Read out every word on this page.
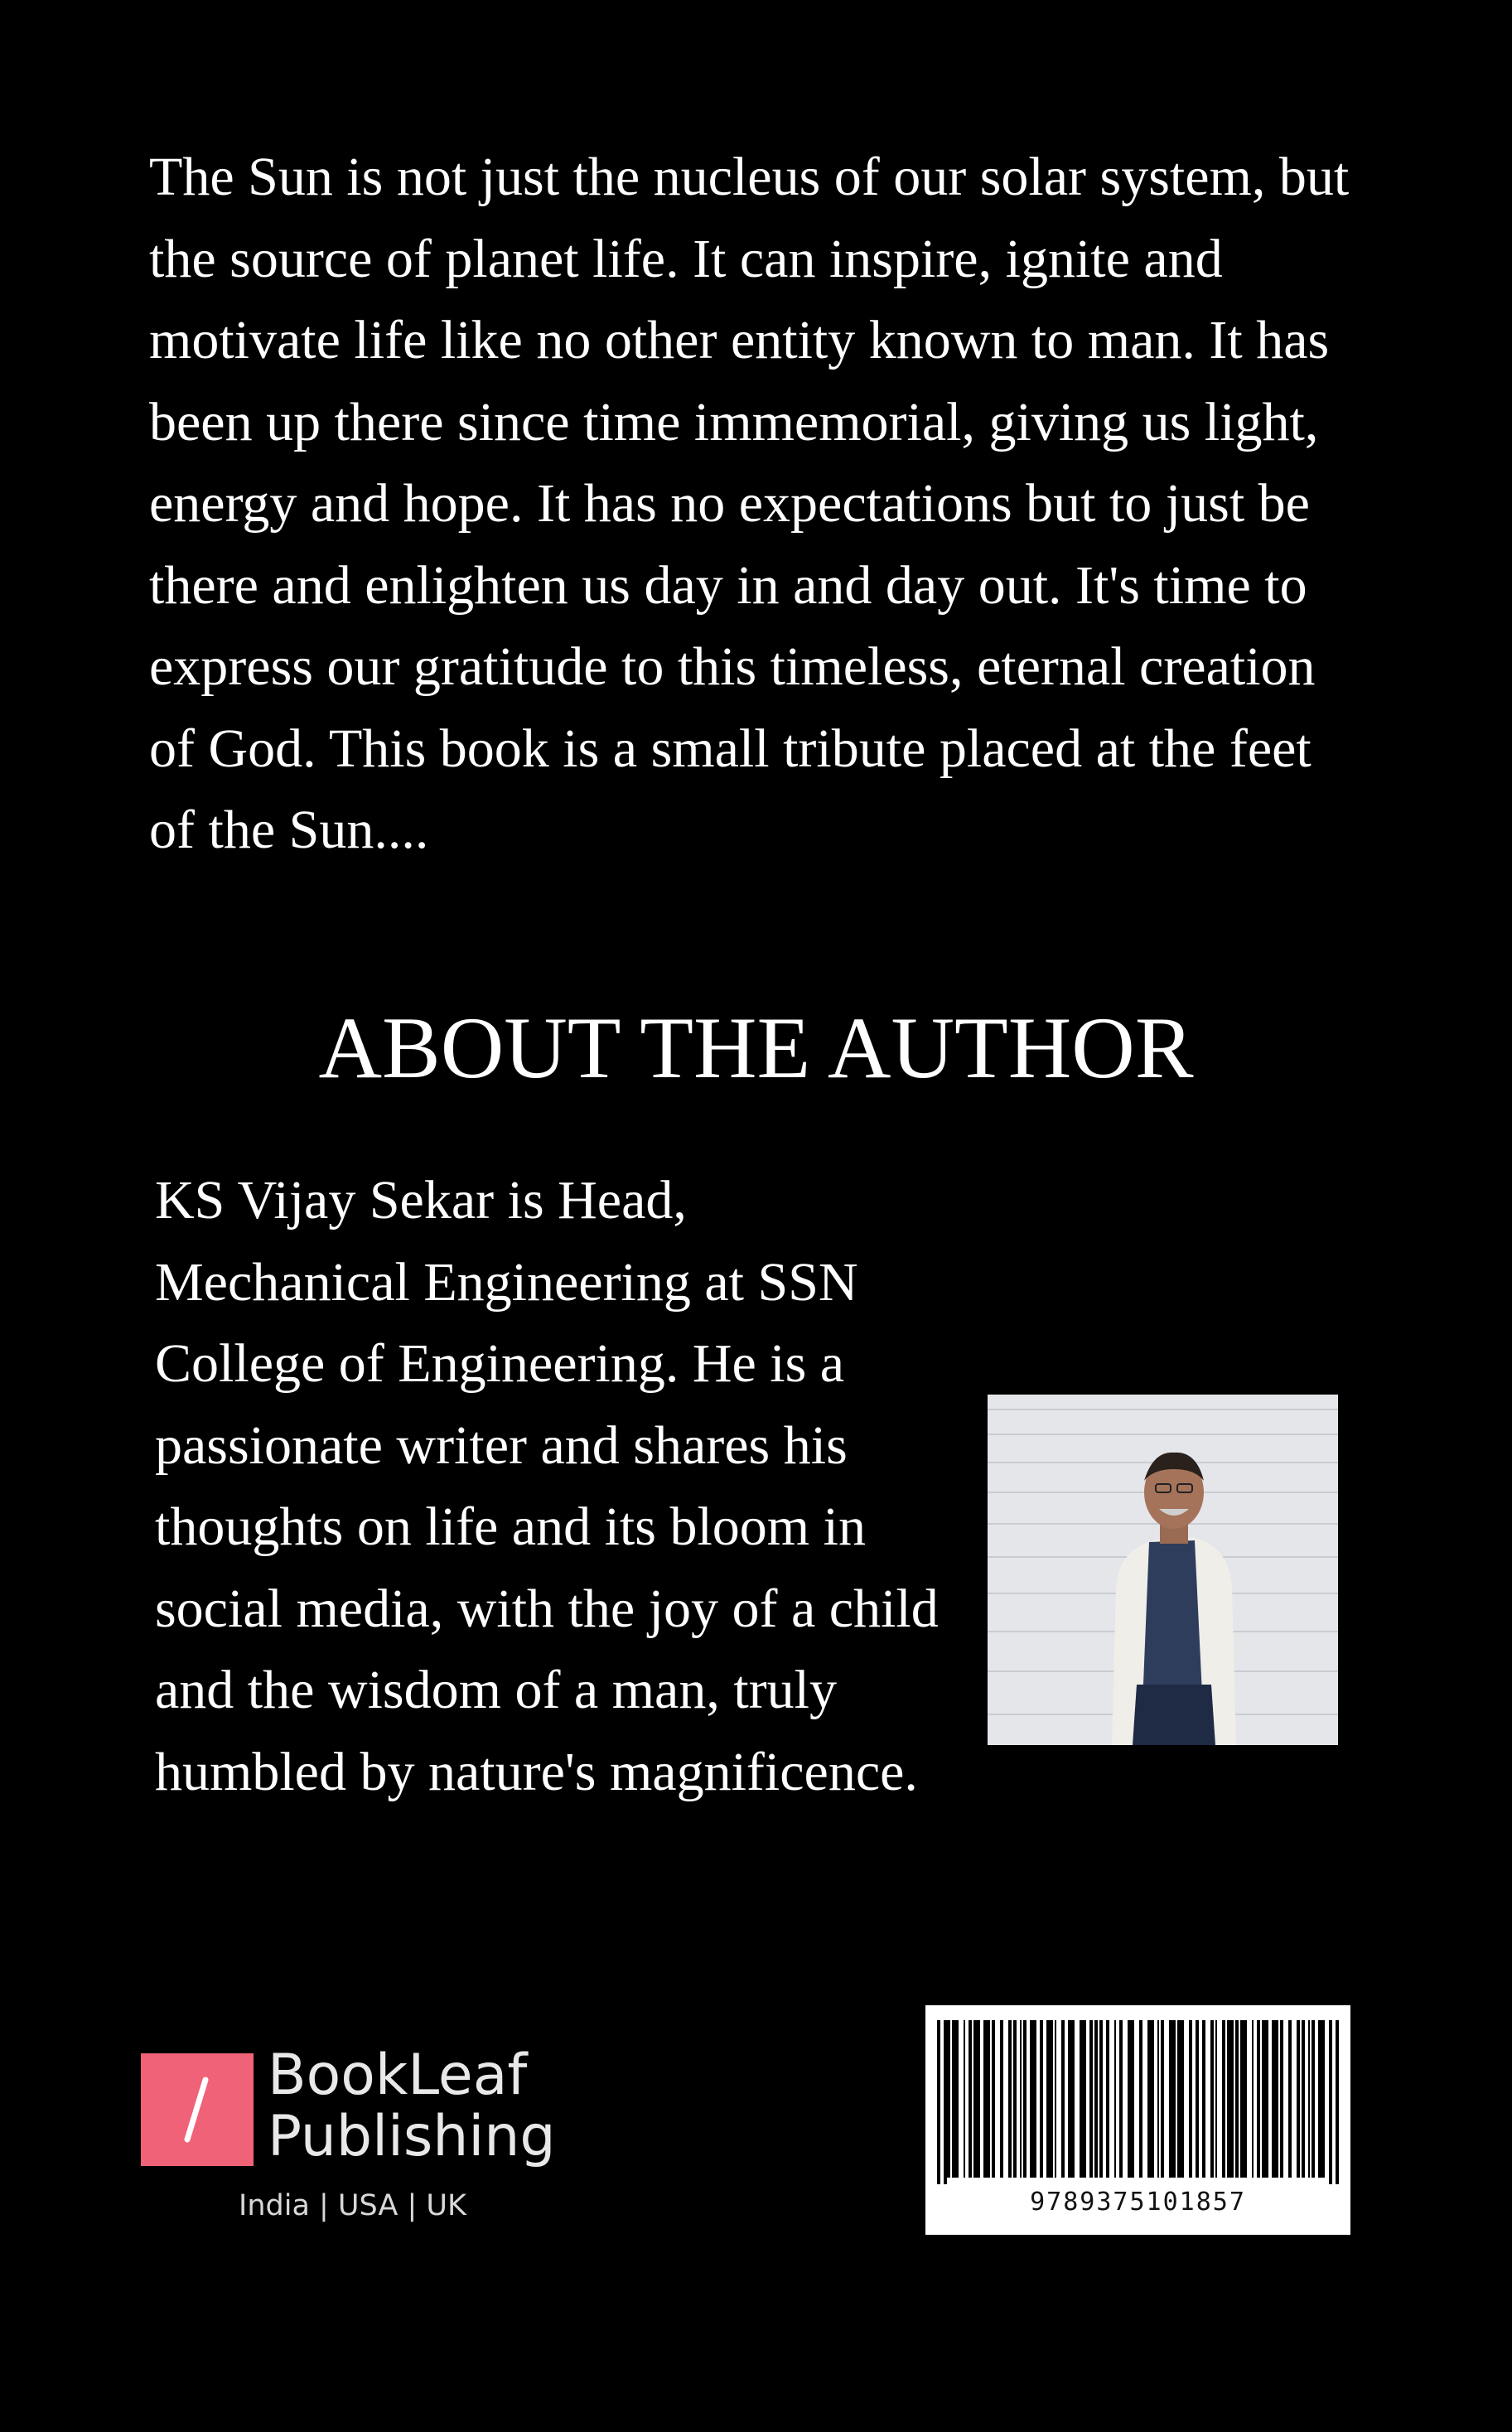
The Sun is not just the nucleus of our solar system, but the source of planet life. It can inspire, ignite and motivate life like no other entity known to man. It has been up there since time immemorial, giving us light, energy and hope. It has no expectations but to just be there and enlighten us day in and day out. It's time to express our gratitude to this timeless, eternal creation of God. This book is a small tribute placed at the feet of the Sun....

ABOUT THE AUTHOR

KS Vijay Sekar is Head, Mechanical Engineering at SSN College of Engineering. He is a passionate writer and shares his thoughts on life and its bloom in social media, with the joy of a child and the wisdom of a man, truly humbled by nature's magnificence.

BookLeaf
Publishing
India | USA | UK	9789375101857
